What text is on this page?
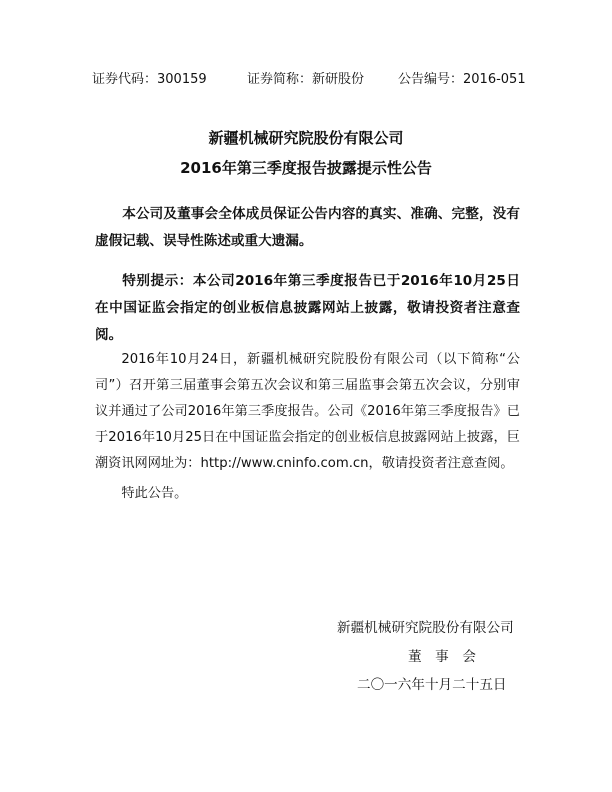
证券代码：300159	证券简称：新研股份	公告编号：2016-051
新疆机械研究院股份有限公司
2016年第三季度报告披露提示性公告

本公司及董事会全体成员保证公告内容的真实、准确、完整，没有虚假记载、误导性陈述或重大遗漏。

特别提示：本公司2016年第三季度报告已于2016年10月25日在中国证监会指定的创业板信息披露网站上披露，敬请投资者注意查阅。

2016年10月24日，新疆机械研究院股份有限公司（以下简称“公司”）召开第三届董事会第五次会议和第三届监事会第五次会议，分别审议并通过了公司2016年第三季度报告。公司《2016年第三季度报告》已于2016年10月25日在中国证监会指定的创业板信息披露网站上披露，巨潮资讯网网址为：http://www.cninfo.com.cn，敬请投资者注意查阅。

特此公告。

新疆机械研究院股份有限公司
董　事　会
二〇一六年十月二十五日
